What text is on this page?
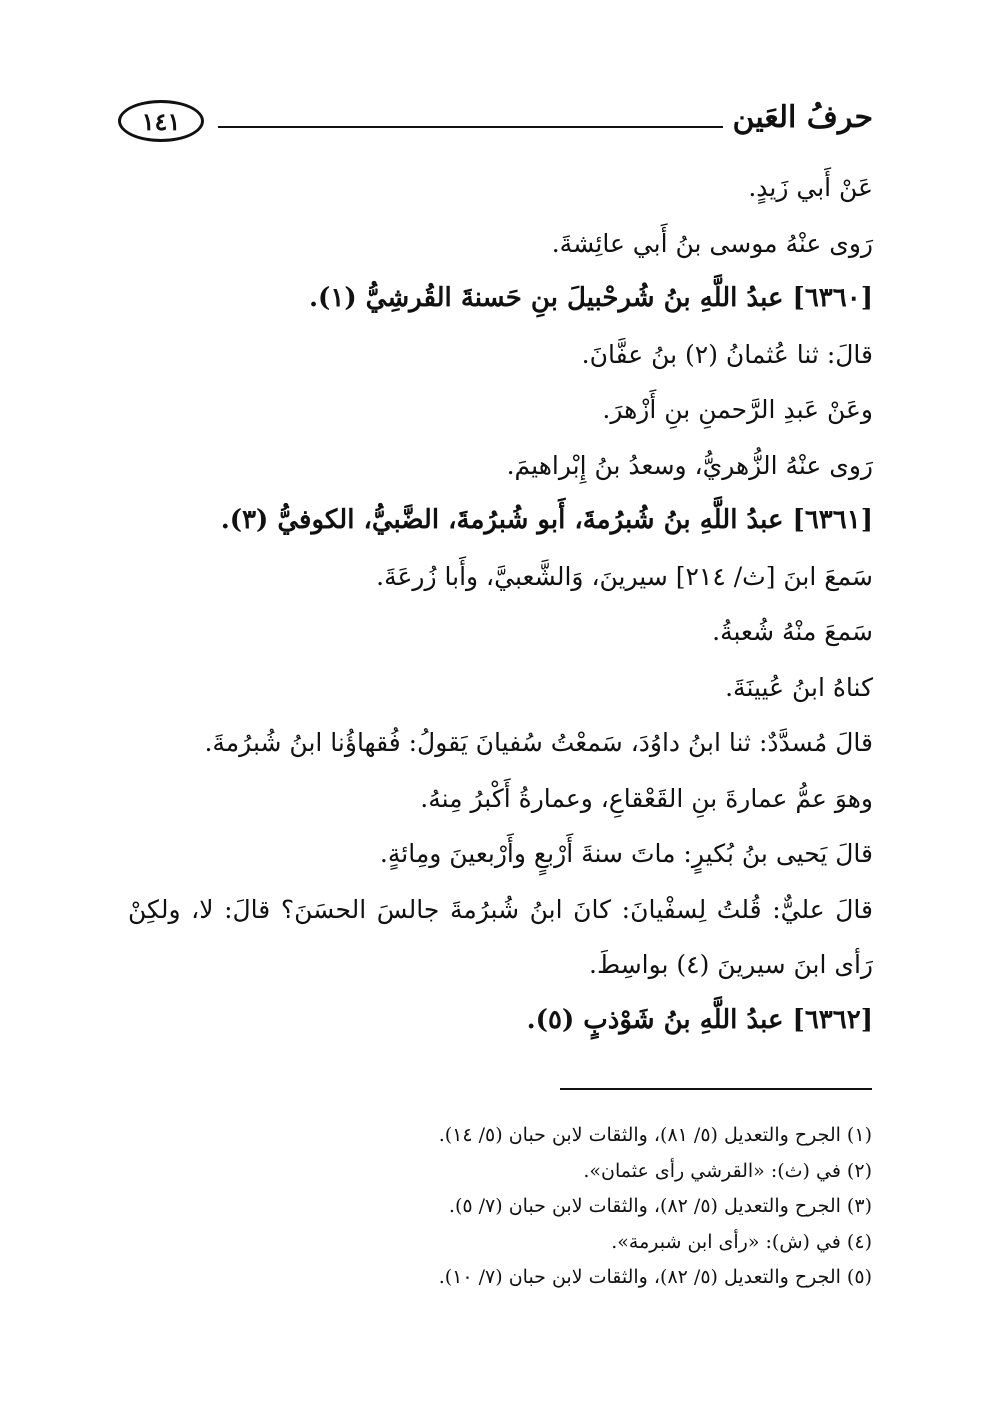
١٤١	حرفُ العَين
عَنْ أَبي زَيدٍ.
رَوى عنْهُ موسى بنُ أَبي عائِشةَ.
[٦٣٦٠] عبدُ اللَّهِ بنُ شُرحْبيلَ بنِ حَسنةَ القُرشِيُّ (١).
قالَ: ثنا عُثمانُ (٢) بنُ عفَّانَ.
وعَنْ عَبدِ الرَّحمنِ بنِ أَزْهرَ.
رَوى عنْهُ الزُّهريُّ، وسعدُ بنُ إِبْراهيمَ.
[٦٣٦١] عبدُ اللَّهِ بنُ شُبرُمةَ، أَبو شُبرُمةَ، الضَّبيُّ، الكوفيُّ (٣).
سَمعَ ابنَ [ث/ ٢١٤] سيرينَ، وَالشَّعبيَّ، وأَبا زُرعَةَ.
سَمعَ منْهُ شُعبةُ.
كناهُ ابنُ عُيينَةَ.
قالَ مُسدَّدٌ: ثنا ابنُ داوُدَ، سَمعْتُ سُفيانَ يَقولُ: فُقهاؤُنا ابنُ شُبرُمةَ.
وهوَ عمُّ عمارةَ بنِ القَعْقاعِ، وعمارةُ أَكْبرُ مِنهُ.
قالَ يَحيى بنُ بُكيرٍ: ماتَ سنةَ أَرْبعٍ وأَرْبعينَ ومِائةٍ.
قالَ عليٌّ: قُلتُ لِسفْيانَ: كانَ ابنُ شُبرُمةَ جالسَ الحسَنَ؟ قالَ: لا، ولكِنْ
رَأى ابنَ سيرينَ (٤) بواسِطَ.
[٦٣٦٢] عبدُ اللَّهِ بنُ شَوْذبٍ (٥).
(١) الجرح والتعديل (٥/ ٨١)، والثقات لابن حبان (٥/ ١٤).
(٢) في (ث): «القرشي رأى عثمان».
(٣) الجرح والتعديل (٥/ ٨٢)، والثقات لابن حبان (٧/ ٥).
(٤) في (ش): «رأى ابن شبرمة».
(٥) الجرح والتعديل (٥/ ٨٢)، والثقات لابن حبان (٧/ ١٠).
